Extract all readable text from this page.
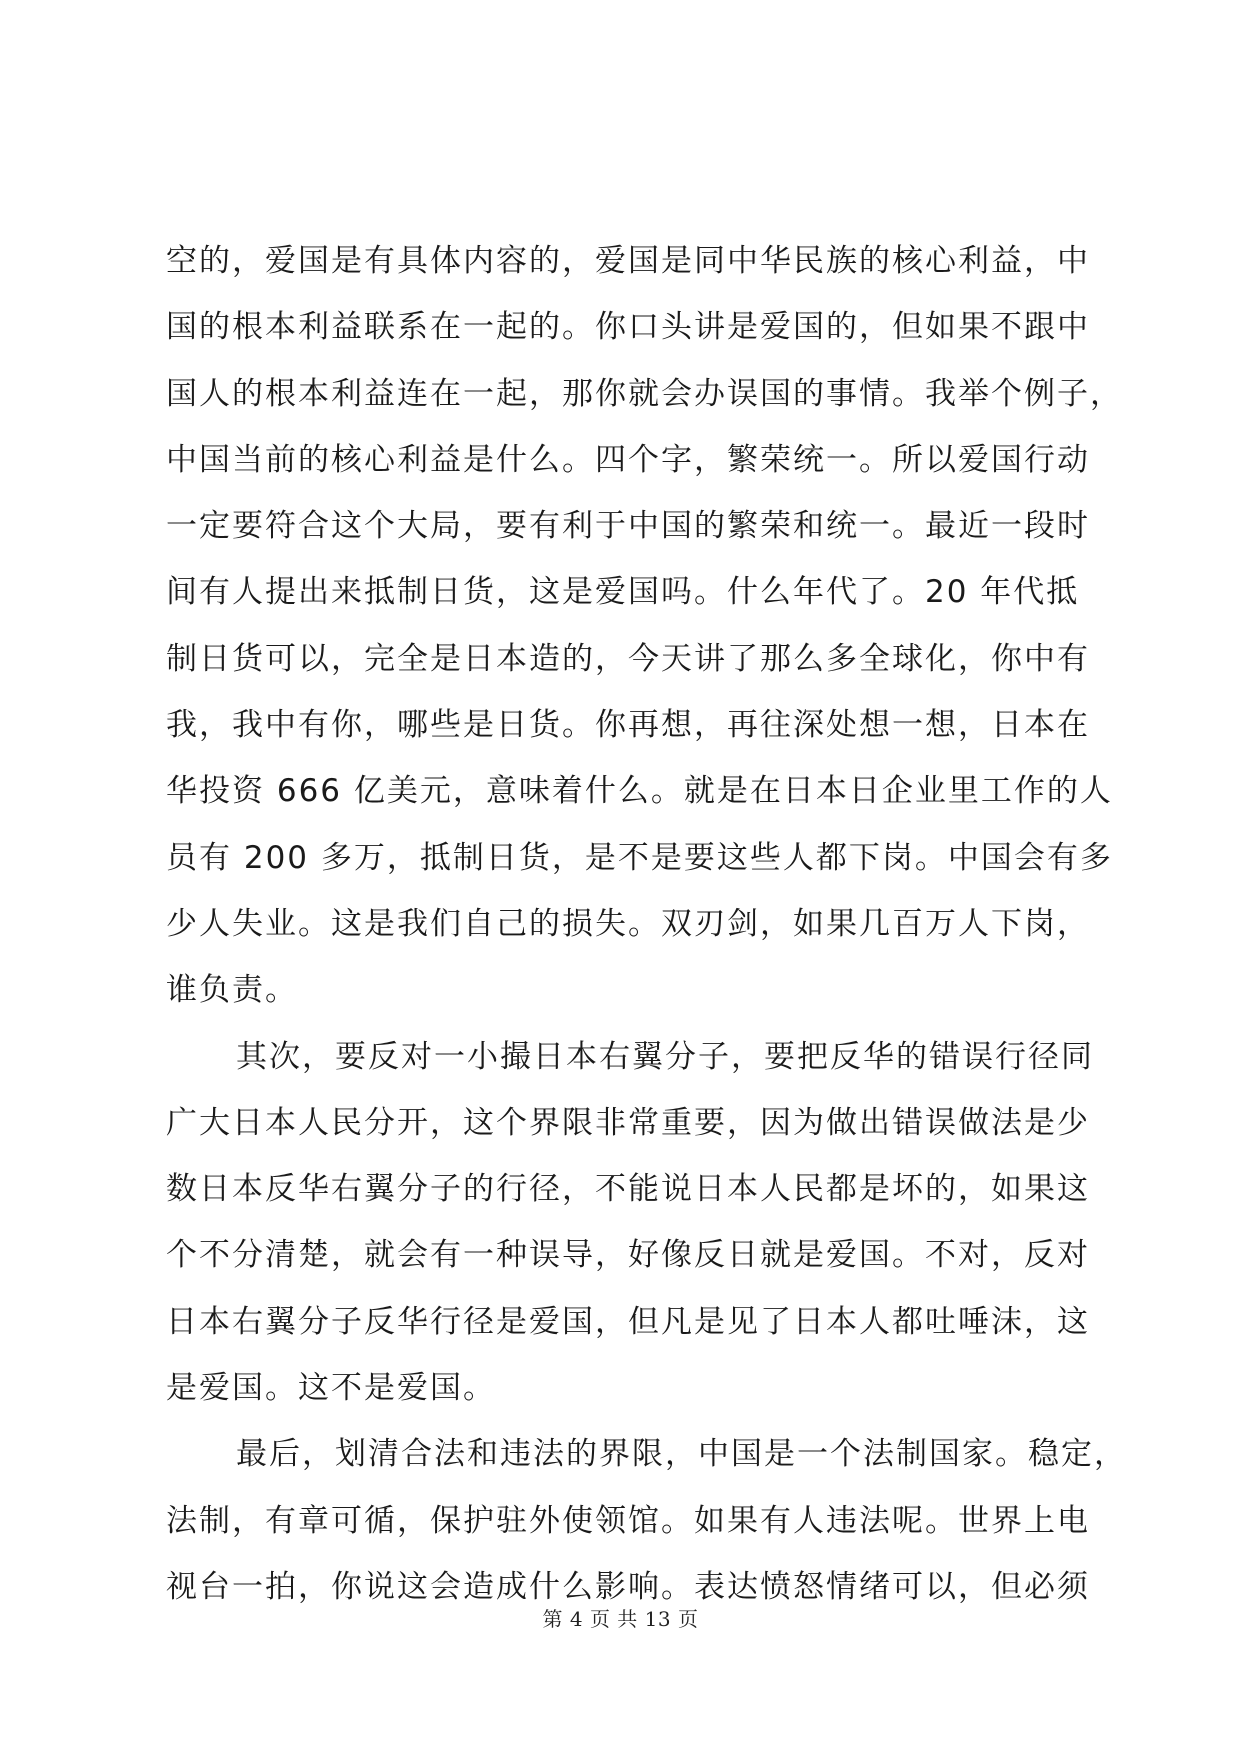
空的，爱国是有具体内容的，爱国是同中华民族的核心利益，中
国的根本利益联系在一起的。你口头讲是爱国的，但如果不跟中
国人的根本利益连在一起，那你就会办误国的事情。我举个例子，
中国当前的核心利益是什么。四个字，繁荣统一。所以爱国行动
一定要符合这个大局，要有利于中国的繁荣和统一。最近一段时
间有人提出来抵制日货，这是爱国吗。什么年代了。20 年代抵
制日货可以，完全是日本造的，今天讲了那么多全球化，你中有
我，我中有你，哪些是日货。你再想，再往深处想一想，日本在
华投资 666 亿美元，意味着什么。就是在日本日企业里工作的人
员有 200 多万，抵制日货，是不是要这些人都下岗。中国会有多
少人失业。这是我们自己的损失。双刃剑，如果几百万人下岗，
谁负责。
其次，要反对一小撮日本右翼分子，要把反华的错误行径同
广大日本人民分开，这个界限非常重要，因为做出错误做法是少
数日本反华右翼分子的行径，不能说日本人民都是坏的，如果这
个不分清楚，就会有一种误导，好像反日就是爱国。不对，反对
日本右翼分子反华行径是爱国，但凡是见了日本人都吐唾沫，这
是爱国。这不是爱国。
最后，划清合法和违法的界限，中国是一个法制国家。稳定，
法制，有章可循，保护驻外使领馆。如果有人违法呢。世界上电
视台一拍，你说这会造成什么影响。表达愤怒情绪可以，但必须
第 4 页 共 13 页
